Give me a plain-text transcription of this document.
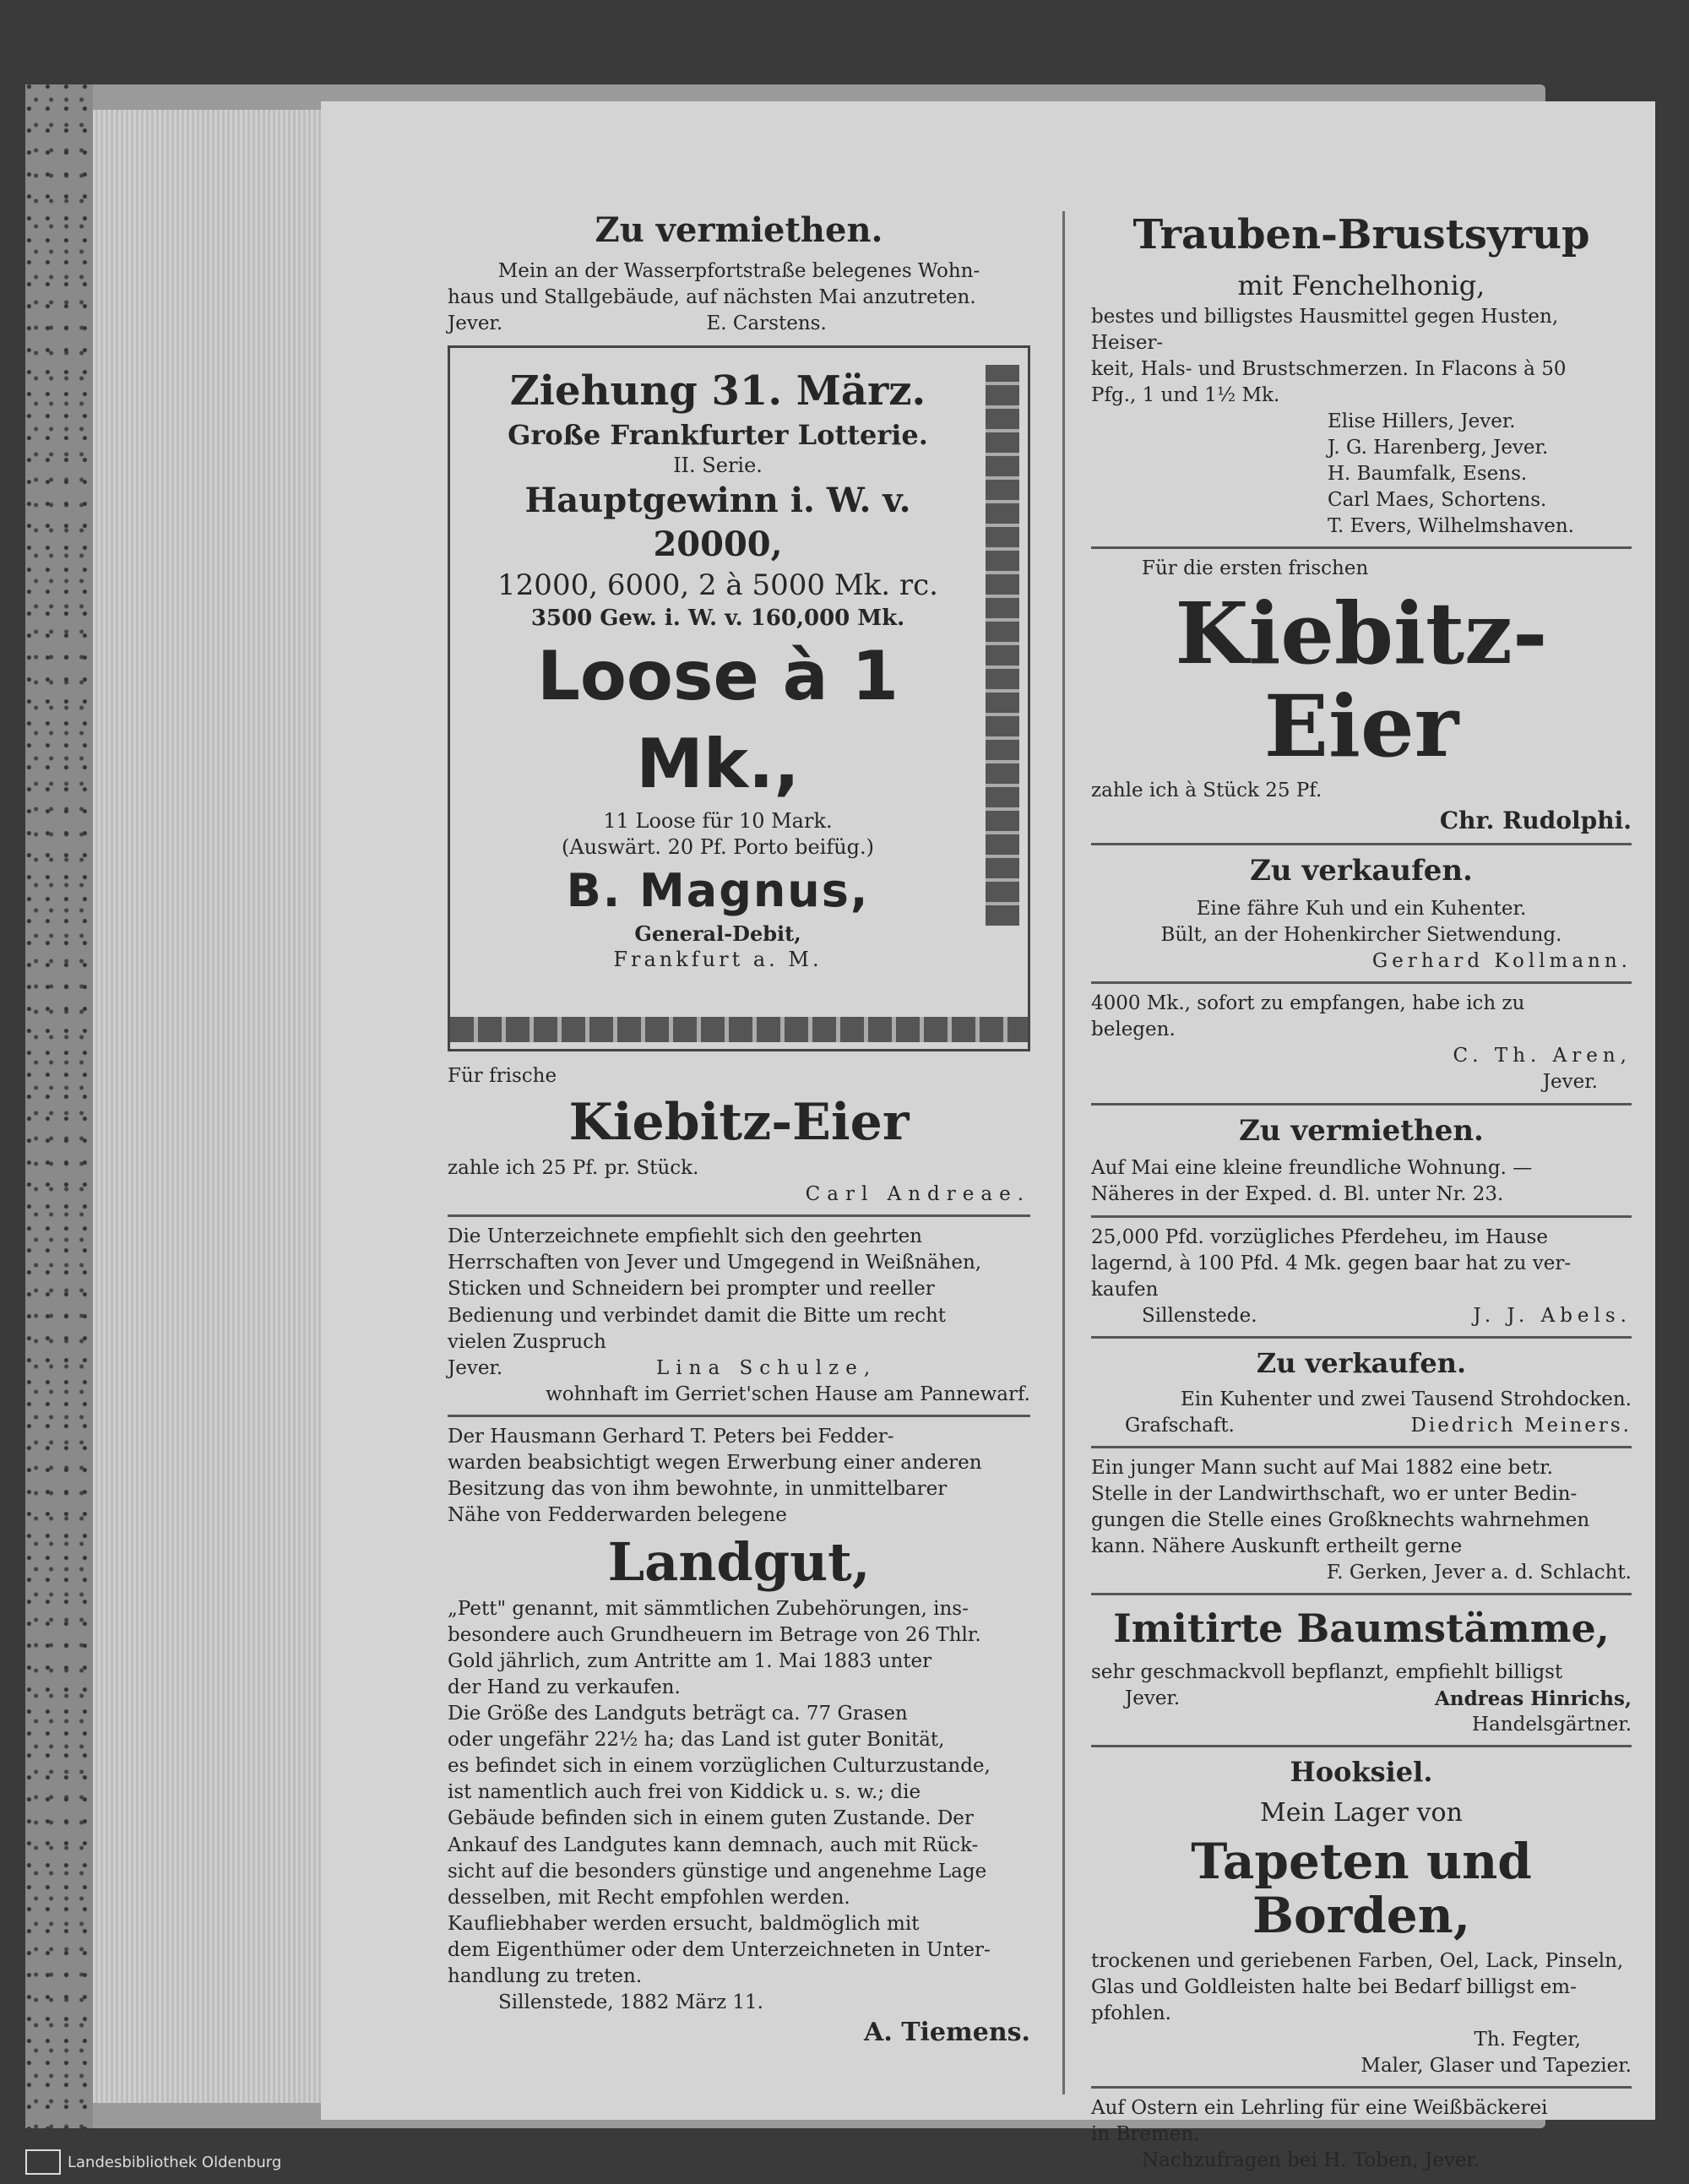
Zu vermiethen.
Mein an der Wasserpfortstraße belegenes Wohn-
haus und Stallgebäude, auf nächsten Mai anzutreten.
Jever.	E. Carstens.
Ziehung 31. März.
Große Frankfurter Lotterie.
II. Serie.
Hauptgewinn i. W. v. 20000,
12000, 6000, 2 à 5000 Mk. rc.
3500 Gew. i. W. v. 160,000 Mk.
Loose à 1 Mk.,
11 Loose für 10 Mark.
(Auswärt. 20 Pf. Porto beifüg.)
B. Magnus,
General-Debit,
Frankfurt a. M.
Für frische
Kiebitz-Eier
zahle ich 25 Pf. pr. Stück.
Carl Andreae.
Die Unterzeichnete empfiehlt sich den geehrten
Herrschaften von Jever und Umgegend in Weißnähen,
Sticken und Schneidern bei prompter und reeller
Bedienung und verbindet damit die Bitte um recht
vielen Zuspruch
Jever.	Lina Schulze,
wohnhaft im Gerriet'schen Hause am Pannewarf.
Der Hausmann Gerhard T. Peters bei Fedder-
warden beabsichtigt wegen Erwerbung einer anderen
Besitzung das von ihm bewohnte, in unmittelbarer
Nähe von Fedderwarden belegene
Landgut,
„Pett" genannt, mit sämmtlichen Zubehörungen, ins-
besondere auch Grundheuern im Betrage von 26 Thlr.
Gold jährlich, zum Antritte am 1. Mai 1883 unter
der Hand zu verkaufen.
Die Größe des Landguts beträgt ca. 77 Grasen
oder ungefähr 22½ ha; das Land ist guter Bonität,
es befindet sich in einem vorzüglichen Culturzustande,
ist namentlich auch frei von Kiddick u. s. w.; die
Gebäude befinden sich in einem guten Zustande. Der
Ankauf des Landgutes kann demnach, auch mit Rück-
sicht auf die besonders günstige und angenehme Lage
desselben, mit Recht empfohlen werden.
Kaufliebhaber werden ersucht, baldmöglich mit
dem Eigenthümer oder dem Unterzeichneten in Unter-
handlung zu treten.
Sillenstede, 1882 März 11.
A. Tiemens.
Trauben-Brustsyrup
mit Fenchelhonig,
bestes und billigstes Hausmittel gegen Husten, Heiser-
keit, Hals- und Brustschmerzen. In Flacons à 50
Pfg., 1 und 1½ Mk.
Elise Hillers, Jever.
J. G. Harenberg, Jever.
H. Baumfalk, Esens.
Carl Maes, Schortens.
T. Evers, Wilhelmshaven.
Für die ersten frischen
Kiebitz-Eier
zahle ich à Stück 25 Pf.
Chr. Rudolphi.
Zu verkaufen.
Eine fähre Kuh und ein Kuhenter.
Bült, an der Hohenkircher Sietwendung.
Gerhard Kollmann.
4000 Mk., sofort zu empfangen, habe ich zu
belegen.
C. Th. Aren,
Jever.
Zu vermiethen.
Auf Mai eine kleine freundliche Wohnung. —
Näheres in der Exped. d. Bl. unter Nr. 23.
25,000 Pfd. vorzügliches Pferdeheu, im Hause
lagernd, à 100 Pfd. 4 Mk. gegen baar hat zu ver-
kaufen
Sillenstede.	J. J. Abels.
Zu verkaufen.
Ein Kuhenter und zwei Tausend Strohdocken.
Grafschaft.	Diedrich Meiners.
Ein junger Mann sucht auf Mai 1882 eine betr.
Stelle in der Landwirthschaft, wo er unter Bedin-
gungen die Stelle eines Großknechts wahrnehmen
kann. Nähere Auskunft ertheilt gerne
F. Gerken, Jever a. d. Schlacht.
Imitirte Baumstämme,
sehr geschmackvoll bepflanzt, empfiehlt billigst
Jever.	Andreas Hinrichs,
Handelsgärtner.
Hooksiel.
Mein Lager von
Tapeten und Borden,
trockenen und geriebenen Farben, Oel, Lack, Pinseln,
Glas und Goldleisten halte bei Bedarf billigst em-
pfohlen.
Th. Fegter,
Maler, Glaser und Tapezier.
Auf Ostern ein Lehrling für eine Weißbäckerei
in Bremen.
Nachzufragen bei H. Toben, Jever.
Landesbibliothek Oldenburg
